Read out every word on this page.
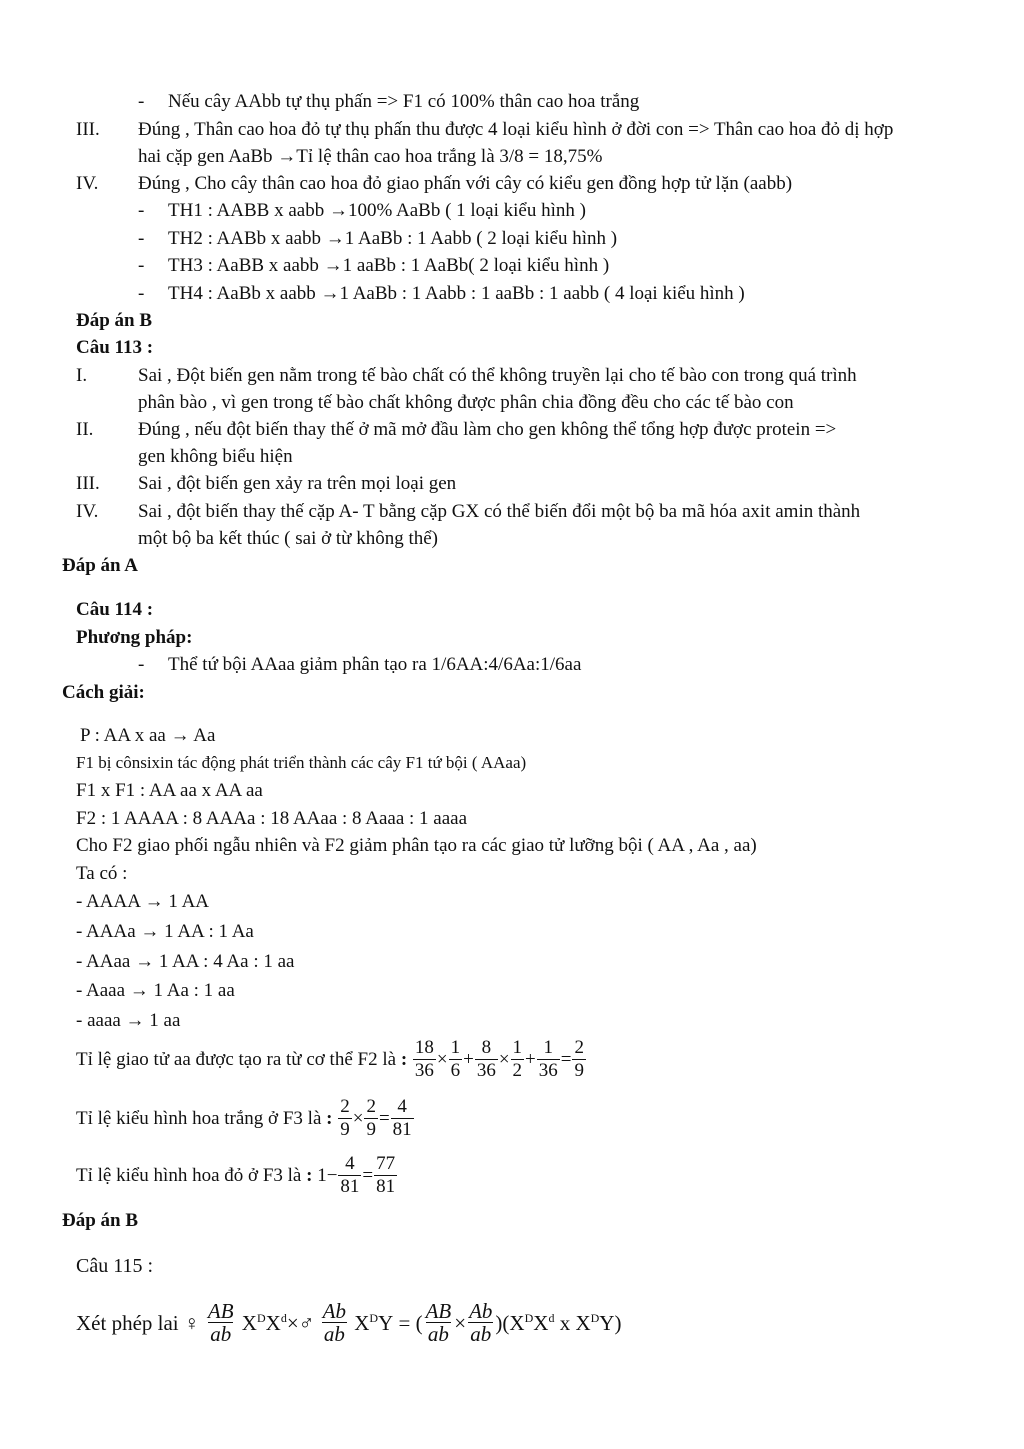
- Nếu cây AAbb tự thụ phấn => F1 có 100% thân cao hoa trắng
III. Đúng , Thân cao hoa đỏ tự thụ phấn thu được 4 loại kiểu hình ở đời con => Thân cao hoa đỏ dị hợp
hai cặp gen AaBb →Tỉ lệ thân cao hoa trắng là 3/8 = 18,75%
IV. Đúng , Cho cây thân cao hoa đỏ giao phấn với cây có kiểu gen đồng hợp tử lặn (aabb)
- TH1 : AABB x aabb →100% AaBb ( 1 loại kiểu hình )
- TH2 : AABb x aabb →1 AaBb : 1 Aabb ( 2 loại kiểu hình )
- TH3 : AaBB x aabb →1 aaBb : 1 AaBb( 2 loại kiểu hình )
- TH4 : AaBb x aabb →1 AaBb : 1 Aabb : 1 aaBb : 1 aabb ( 4 loại kiểu hình )
Đáp án B
Câu 113 :
I.	Sai , Đột biến gen nằm trong tế bào chất có thể không truyền lại cho tế bào con trong quá trình
phân bào , vì gen trong tế bào chất không được phân chia đồng đều cho các tế bào con
II. Đúng , nếu đột biến thay thế ở mã mở đầu làm cho gen không thể tổng hợp được protein =>
gen không biểu hiện
III. Sai , đột biến gen xảy ra trên mọi loại gen
IV. Sai , đột biến thay thế cặp A- T bằng cặp GX có thể biến đổi một bộ ba mã hóa axit amin thành
một bộ ba kết thúc ( sai ở từ không thể)
Đáp án A
Câu 114 :
Phương pháp:
- Thể tứ bội AAaa giảm phân tạo ra 1/6AA:4/6Aa:1/6aa
Cách giải:
P : AA x aa → Aa
F1 bị cônsixin tác động phát triển thành các cây F1 tứ bội ( AAaa)
F1 x F1 : AA aa x AA aa
F2 : 1 AAAA : 8 AAAa : 18 AAaa : 8 Aaaa : 1 aaaa
Cho F2 giao phối ngẫu nhiên và F2 giảm phân tạo ra các giao tử lưỡng bội ( AA , Aa , aa)
Ta có :
- AAAA → 1 AA
- AAAa → 1 AA : 1 Aa
- AAaa → 1 AA : 4 Aa : 1 aa
- Aaaa → 1 Aa : 1 aa
- aaaa → 1 aa
Tỉ lệ giao tử aa được tạo ra từ cơ thể F2 là : $\frac{18}{36} \times \frac{1}{6} + \frac{8}{36} \times \frac{1}{2} + \frac{1}{36} = \frac{2}{9}$
Tỉ lệ kiểu hình hoa trắng ở F3 là : $\frac{2}{9} \times \frac{2}{9} = \frac{4}{81}$
Tỉ lệ kiểu hình hoa đỏ ở F3 là : $1- \frac{4}{81} = \frac{77}{81}$
Đáp án B
Câu 115 :
Xét phép lai ♀ $\frac{AB}{ab}$ $X^DX^d\times♂ \frac{Ab}{ab} X^DY$ = ( $\frac{AB}{ab} \times \frac{Ab}{ab} )(X^DX^d$ x $X^DY$)
